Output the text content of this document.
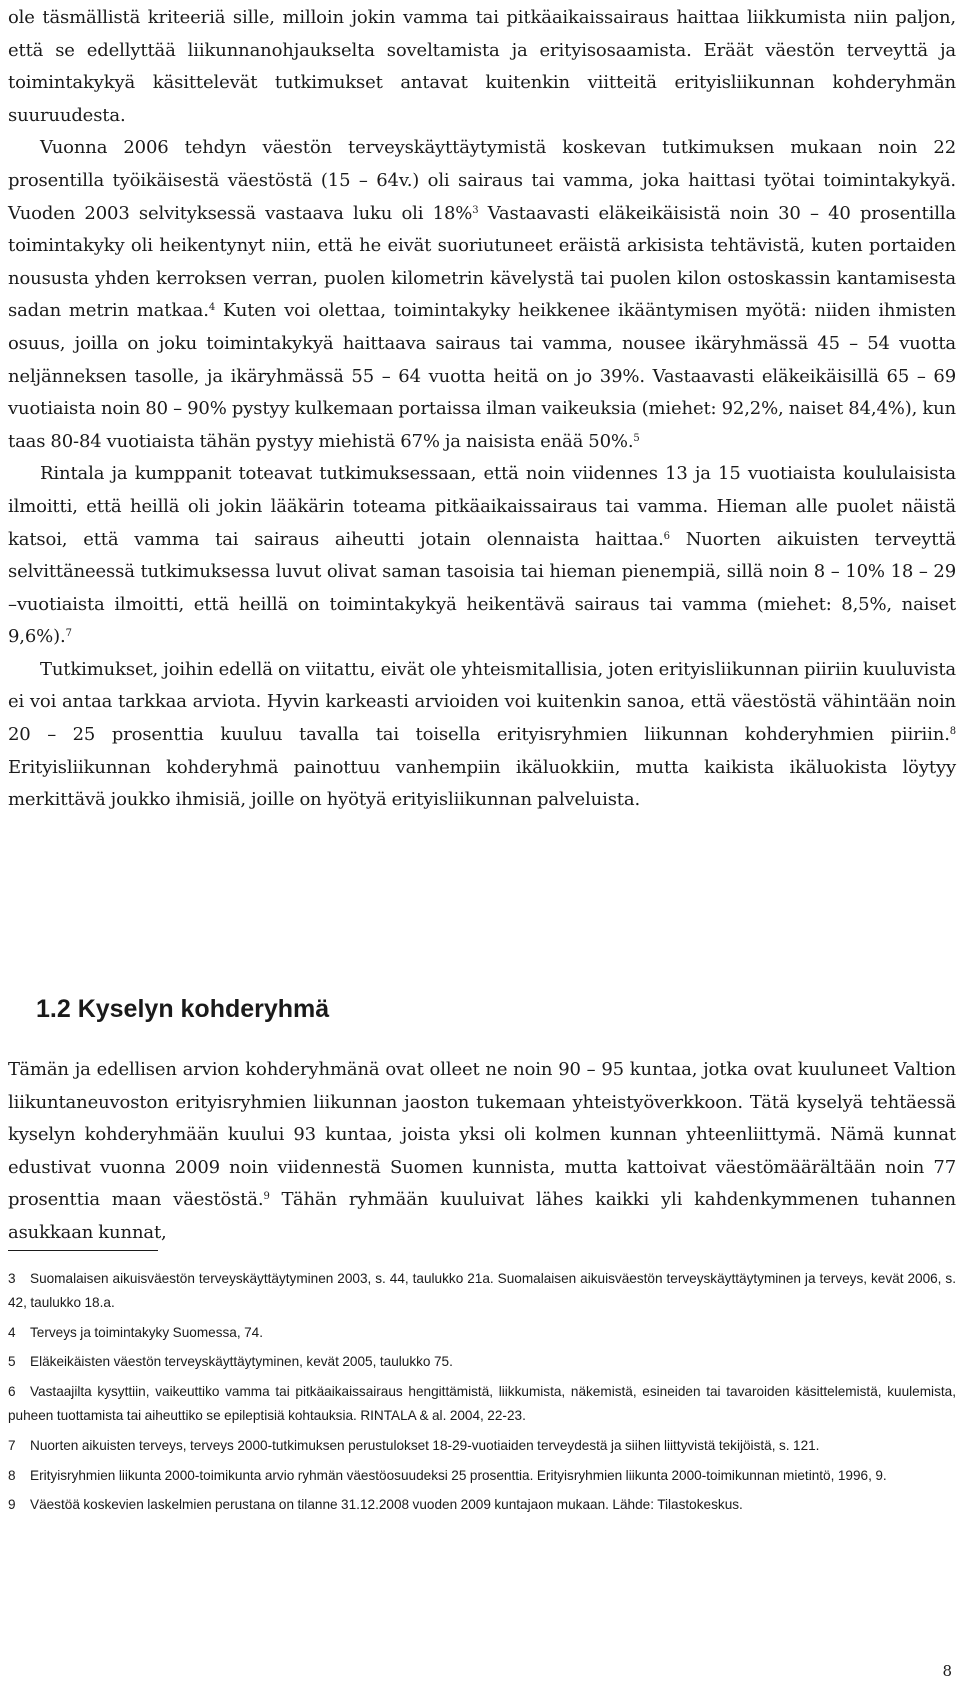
ole täsmällistä kriteeriä sille, milloin jokin vamma tai pitkäaikaissairaus haittaa liikkumista niin paljon, että se edellyttää liikunnanohjaukselta soveltamista ja erityisosaamista. Eräät väestön terveyttä ja toimintakykyä käsittelevät tutkimukset antavat kuitenkin viitteitä erityisliikunnan kohderyhmän suuruudesta.

Vuonna 2006 tehdyn väestön terveyskäyttäytymistä koskevan tutkimuksen mukaan noin 22 prosentilla työikäisestä väestöstä (15 – 64v.) oli sairaus tai vamma, joka haittasi työtai toimintakykyä. Vuoden 2003 selvityksessä vastaava luku oli 18%$^3$ Vastaavasti eläkeikäisistä noin 30 – 40 prosentilla toimintakyky oli heikentynyt niin, että he eivät suoriutuneet eräistä arkisista tehtävistä, kuten portaiden noususta yhden kerroksen verran, puolen kilometrin kävelystä tai puolen kilon ostoskassin kantamisesta sadan metrin matkaa.$^4$ Kuten voi olettaa, toimintakyky heikkenee ikääntymisen myötä: niiden ihmisten osuus, joilla on joku toimintakykyä haittaava sairaus tai vamma, nousee ikäryhmässä 45 – 54 vuotta neljänneksen tasolle, ja ikäryhmässä 55 – 64 vuotta heitä on jo 39%. Vastaavasti eläkeikäisillä 65 – 69 vuotiaista noin 80 – 90% pystyy kulkemaan portaissa ilman vaikeuksia (miehet: 92,2%, naiset 84,4%), kun taas 80-84 vuotiaista tähän pystyy miehistä 67% ja naisista enää 50%.$^5$

Rintala ja kumppanit toteavat tutkimuksessaan, että noin viidennes 13 ja 15 vuotiaista koululaisista ilmoitti, että heillä oli jokin lääkärin toteama pitkäaikaissairaus tai vamma. Hieman alle puolet näistä katsoi, että vamma tai sairaus aiheutti jotain olennaista haittaa.$^6$ Nuorten aikuisten terveyttä selvittäneessä tutkimuksessa luvut olivat saman tasoisia tai hieman pienempiä, sillä noin 8 – 10% 18 – 29 –vuotiaista ilmoitti, että heillä on toimintakykyä heikentävä sairaus tai vamma (miehet: 8,5%, naiset 9,6%).$^7$

Tutkimukset, joihin edellä on viitattu, eivät ole yhteismitallisia, joten erityisliikunnan piiriin kuuluvista ei voi antaa tarkkaa arviota. Hyvin karkeasti arvioiden voi kuitenkin sanoa, että väestöstä vähintään noin 20 – 25 prosenttia kuuluu tavalla tai toisella erityisryhmien liikunnan kohderyhmien piiriin.$^8$ Erityisliikunnan kohderyhmä painottuu vanhempiin ikäluokkiin, mutta kaikista ikäluokista löytyy merkittävä joukko ihmisiä, joille on hyötyä erityisliikunnan palveluista.

1.2 Kyselyn kohderyhmä

Tämän ja edellisen arvion kohderyhmänä ovat olleet ne noin 90 – 95 kuntaa, jotka ovat kuuluneet Valtion liikuntaneuvoston erityisryhmien liikunnan jaoston tukemaan yhteistyöverkkoon. Tätä kyselyä tehtäessä kyselyn kohderyhmään kuului 93 kuntaa, joista yksi oli kolmen kunnan yhteenliittymä. Nämä kunnat edustivat vuonna 2009 noin viidennestä Suomen kunnista, mutta kattoivat väestömäärältään noin 77 prosenttia maan väestöstä.$^9$ Tähän ryhmään kuuluivat lähes kaikki yli kahdenkymmenen tuhannen asukkaan kunnat,

3 Suomalaisen aikuisväestön terveyskäyttäytyminen 2003, s. 44, taulukko 21a. Suomalaisen aikuisväestön terveyskäyttäytyminen ja terveys, kevät 2006, s. 42, taulukko 18.a.

4 Terveys ja toimintakyky Suomessa, 74.

5 Eläkeikäisten väestön terveyskäyttäytyminen, kevät 2005, taulukko 75.

6 Vastaajilta kysyttiin, vaikeuttiko vamma tai pitkäaikaissairaus hengittämistä, liikkumista, näkemistä, esineiden tai tavaroiden käsittelemistä, kuulemista, puheen tuottamista tai aiheuttiko se epileptisiä kohtauksia. RINTALA & al. 2004, 22-23.

7 Nuorten aikuisten terveys, terveys 2000-tutkimuksen perustulokset 18-29-vuotiaiden terveydestä ja siihen liittyvistä tekijöistä, s. 121.

8 Erityisryhmien liikunta 2000-toimikunta arvio ryhmän väestöosuudeksi 25 prosenttia. Erityisryhmien liikunta 2000-toimikunnan mietintö, 1996, 9.

9 Väestöä koskevien laskelmien perustana on tilanne 31.12.2008 vuoden 2009 kuntajaon mukaan. Lähde: Tilastokeskus.

8
